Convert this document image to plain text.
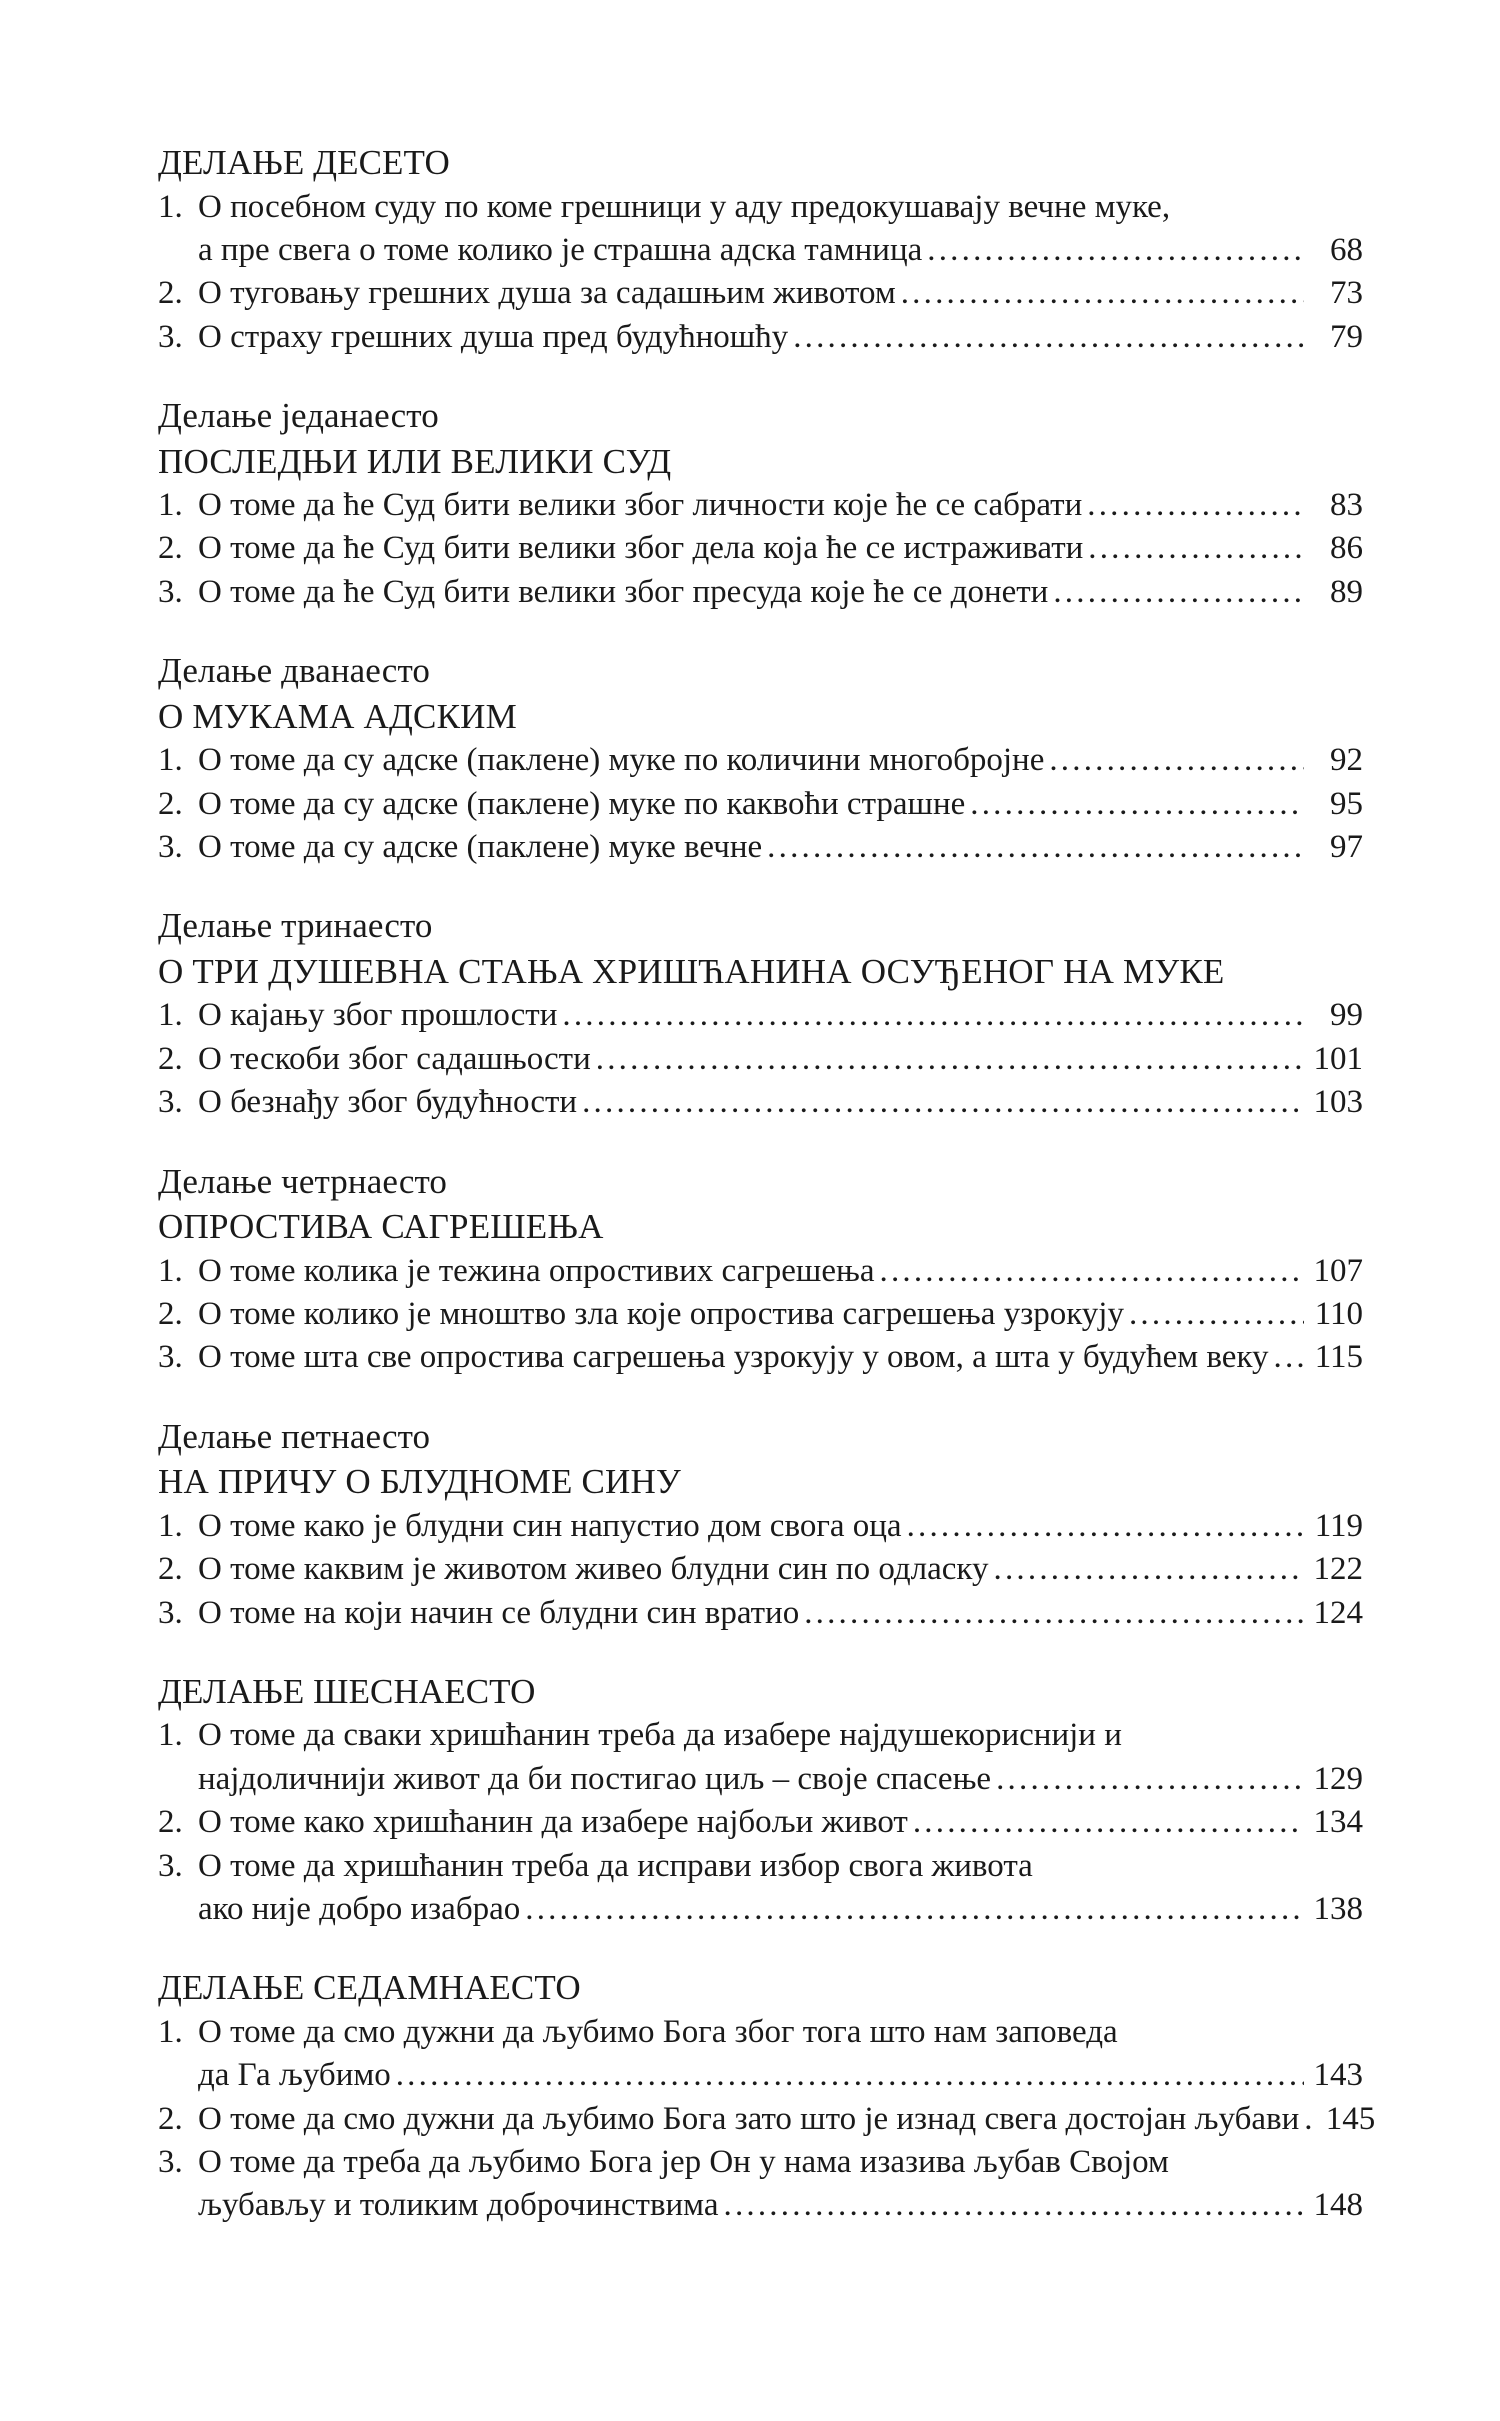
ДЕЛАЊЕ ДЕСЕТО
1. О посебном суду по коме грешници у аду предокушавају вечне муке,
а пре свега о томе колико је страшна адска тамница .....	68
2. О туговању грешних душа за садашњим животом .....	73
3. О страху грешних душа пред будућношћу .....	79
Делање једанаесто
ПОСЛЕДЊИ ИЛИ ВЕЛИКИ СУД
1. О томе да ће Суд бити велики због личности које ће се сабрати .....	83
2. О томе да ће Суд бити велики због дела која ће се истраживати .....	86
3. О томе да ће Суд бити велики због пресуда које ће се донети .....	89
Делање дванаесто
О МУКАМА АДСКИМ
1. О томе да су адске (паклене) муке по количини многобројне .....	92
2. О томе да су адске (паклене) муке по каквоћи страшне .....	95
3. О томе да су адске (паклене) муке вечне .....	97
Делање тринаесто
О ТРИ ДУШЕВНА СТАЊА ХРИШЋАНИНА ОСУЂЕНОГ НА МУКЕ
1. О кајању због прошлости .....	99
2. О тескоби због садашњости .....	101
3. О безнађу због будућности .....	103
Делање четрнаесто
ОПРОСТИВА САГРЕШЕЊА
1. О томе колика је тежина опростивих сагрешења .....	107
2. О томе колико је мноштво зла које опростива сагрешења узрокују .....	110
3. О томе шта све опростива сагрешења узрокују у овом, а шта у будућем веку ..... 115
Делање петнаесто
НА ПРИЧУ О БЛУДНОМЕ СИНУ
1. О томе како је блудни син напустио дом свога оца .....	119
2. О томе каквим је животом живео блудни син по одласку .....	122
3. О томе на који начин се блудни син вратио .....	124
ДЕЛАЊЕ ШЕСНАЕСТО
1. О томе да сваки хришћанин треба да изабере најдушекориснији и
најдоличнији живот да би постигао циљ – своје спасење .....	129
2. О томе како хришћанин да изабере најбољи живот .....	134
3. О томе да хришћанин треба да исправи избор свога живота
ако није добро изабрао .....	138
ДЕЛАЊЕ СЕДАМНАЕСТО
1. О томе да смо дужни да љубимо Бога због тога што нам заповеда
да Га љубимо .....	143
2. О томе да смо дужни да љубимо Бога зато што је изнад свега достојан љубави ..... 145
3. О томе да треба да љубимо Бога јер Он у нама изазива љубав Својом
љубављу и толиким доброчинствима .....	148
